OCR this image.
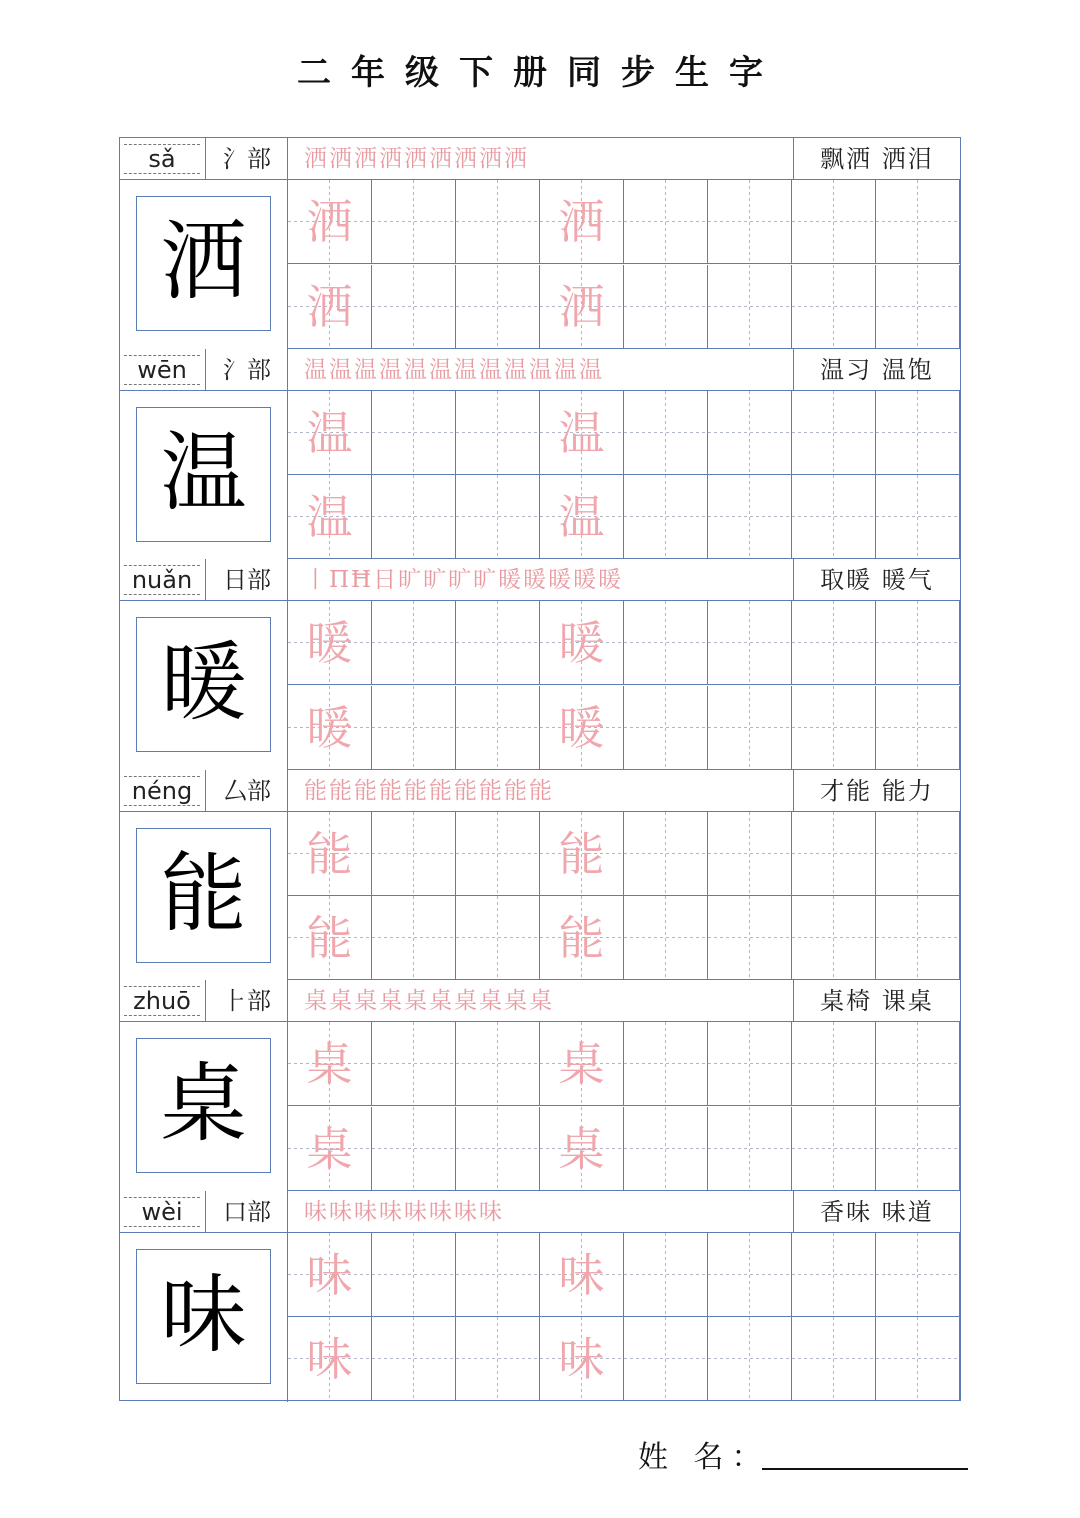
二年级下册同步生字
sǎ	氵部	洒洒洒洒洒洒洒洒洒	飘洒 洒泪
洒	洒	洒
洒	洒
wēn	氵部	温温温温温温温温温温温温	温习 温饱
温	温	温
温	温
nuǎn	日部	丨ПĦ日旷旷旷旷暖暖暖暖暖	取暖 暖气
暖	暖	暖
暖	暖
néng	厶部	能能能能能能能能能能	才能 能力
能	能	能
能	能
zhuō	⺊部	桌桌桌桌桌桌桌桌桌桌	桌椅 课桌
桌	桌	桌
桌	桌
wèi	口部	味味味味味味味味	香味 味道
味	味	味
味	味
姓 名：
